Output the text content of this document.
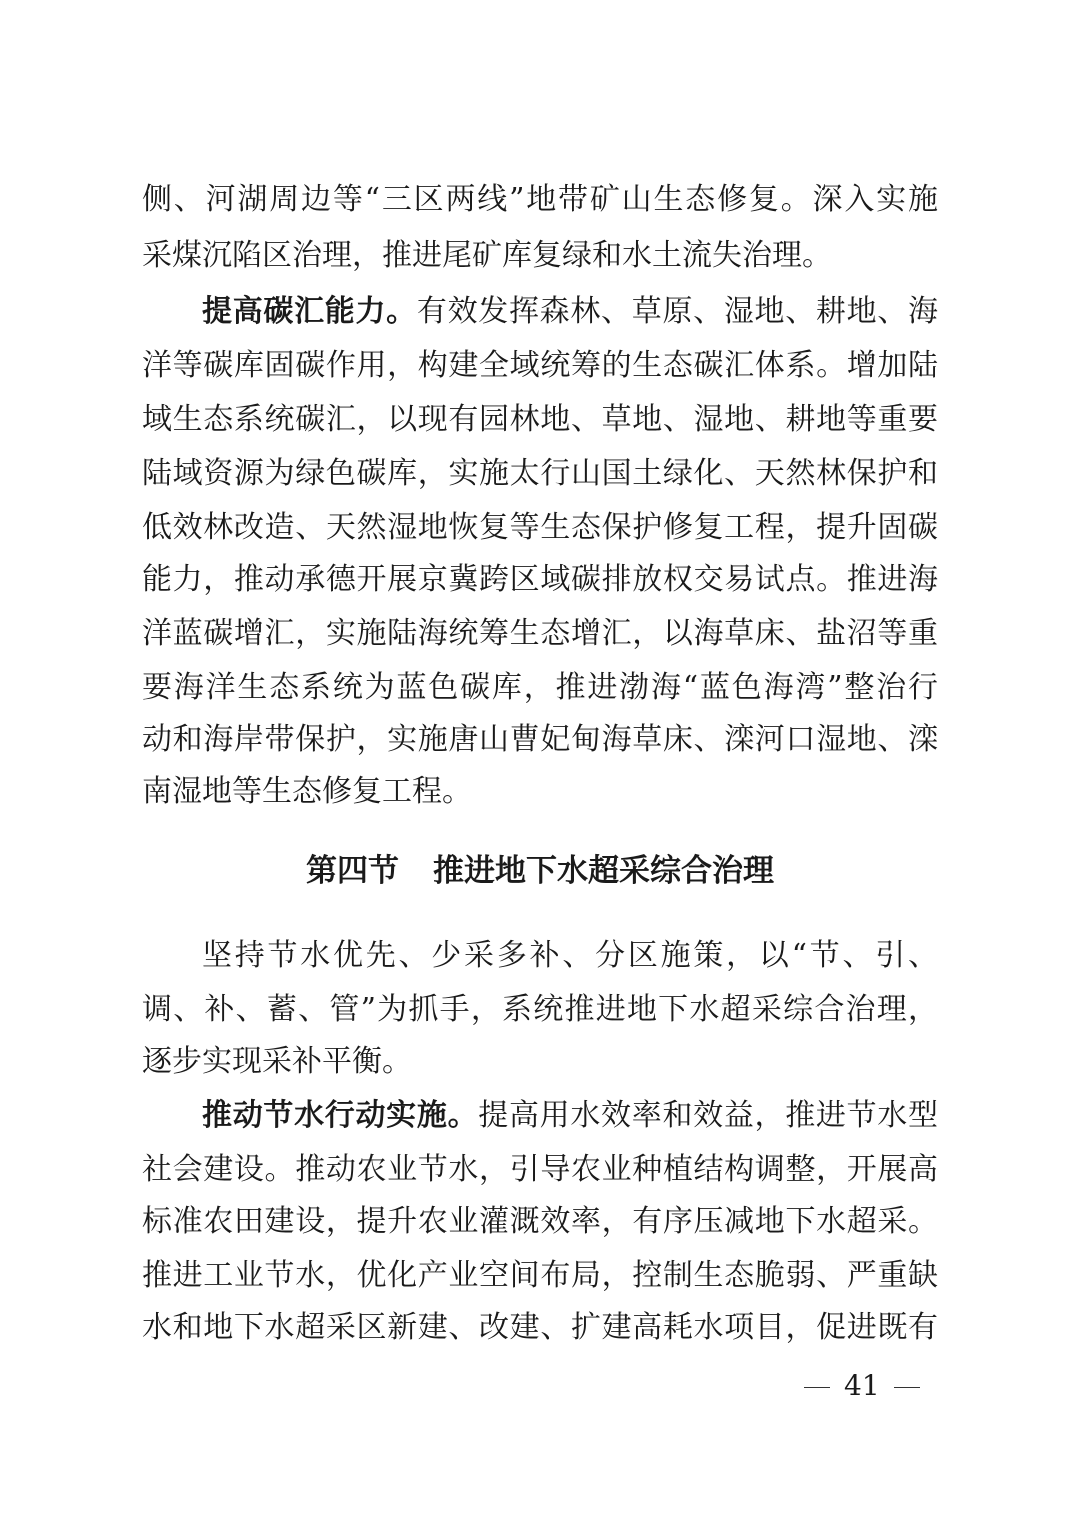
侧、河湖周边等“三区两线”地带矿山生态修复。深入实施
采煤沉陷区治理，推进尾矿库复绿和水土流失治理。
提高碳汇能力。有效发挥森林、草原、湿地、耕地、海
洋等碳库固碳作用，构建全域统筹的生态碳汇体系。增加陆
域生态系统碳汇，以现有园林地、草地、湿地、耕地等重要
陆域资源为绿色碳库，实施太行山国土绿化、天然林保护和
低效林改造、天然湿地恢复等生态保护修复工程，提升固碳
能力，推动承德开展京冀跨区域碳排放权交易试点。推进海
洋蓝碳增汇，实施陆海统筹生态增汇，以海草床、盐沼等重
要海洋生态系统为蓝色碳库，推进渤海“蓝色海湾”整治行
动和海岸带保护，实施唐山曹妃甸海草床、滦河口湿地、滦
南湿地等生态修复工程。
第四节 推进地下水超采综合治理
坚持节水优先、少采多补、分区施策，以“节、引、
调、补、蓄、管”为抓手，系统推进地下水超采综合治理，
逐步实现采补平衡。
推动节水行动实施。提高用水效率和效益，推进节水型
社会建设。推动农业节水，引导农业种植结构调整，开展高
标准农田建设，提升农业灌溉效率，有序压减地下水超采。
推进工业节水，优化产业空间布局，控制生态脆弱、严重缺
水和地下水超采区新建、改建、扩建高耗水项目，促进既有
41
